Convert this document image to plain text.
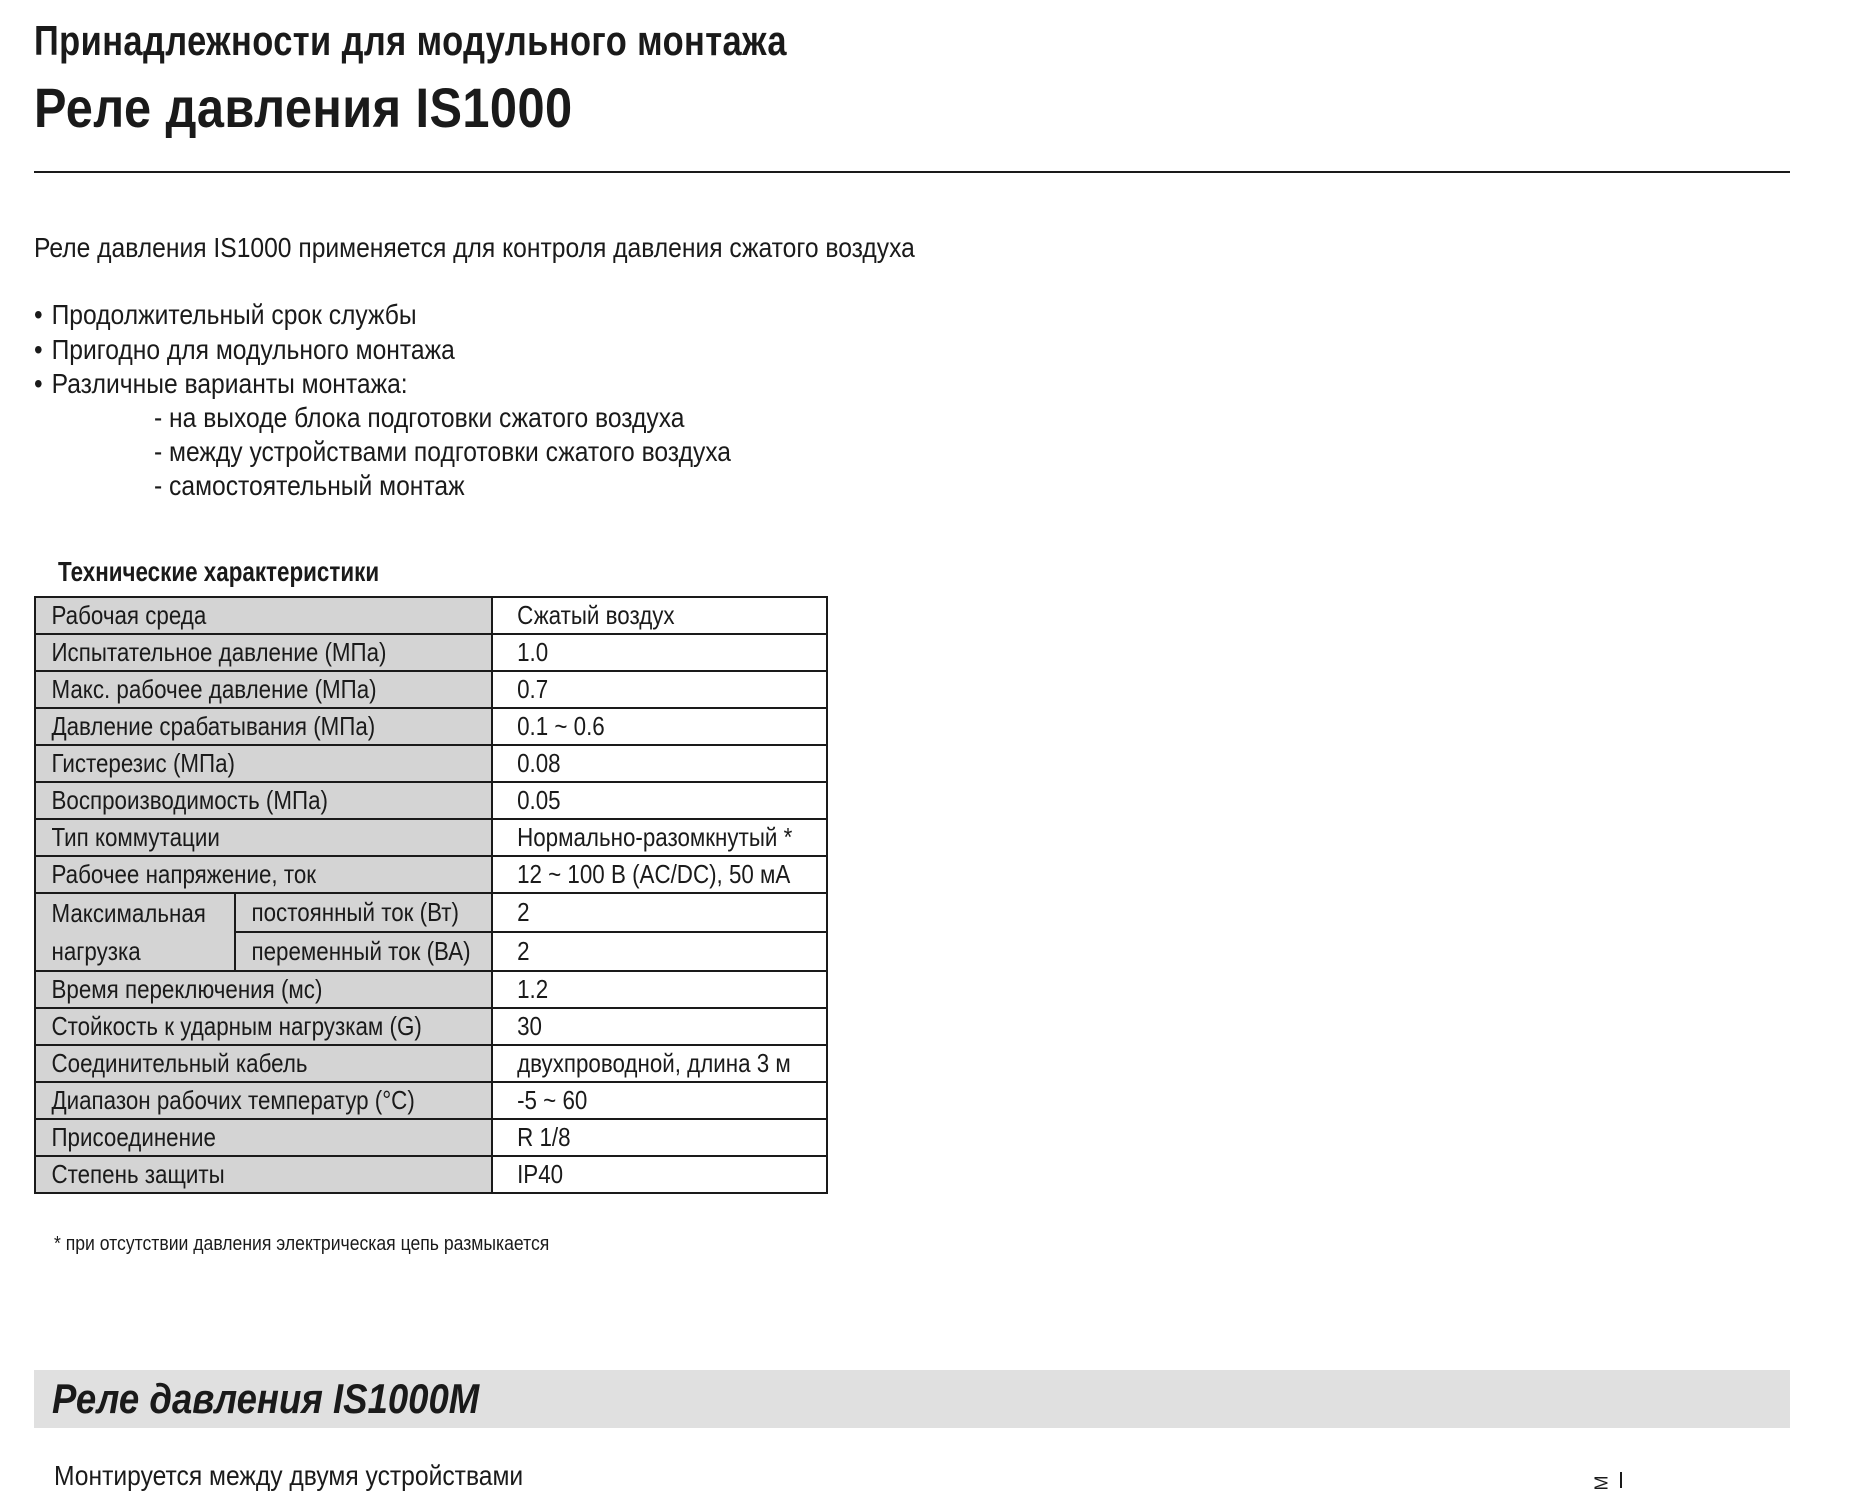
Принадлежности для модульного монтажа
Реле давления IS1000
Реле давления IS1000 применяется для контроля давления сжатого воздуха
• Продолжительный срок службы
• Пригодно для модульного монтажа
• Различные варианты монтажа:
- на выходе блока подготовки сжатого воздуха
- между устройствами подготовки сжатого воздуха
- самостоятельный монтаж
Технические характеристики
Рабочая среда		Сжатый воздух
Испытательное давление (МПа)		1.0
Макс. рабочее давление (МПа)		0.7
Давление срабатывания (МПа)		0.1 ~ 0.6
Гистерезис (МПа)		0.08
Воспроизводимость (МПа)		0.05
Тип коммутации		Нормально-разомкнутый *
Рабочее напряжение, ток		12 ~ 100 В (AC/DC), 50 мА
Максимальная нагрузка	постоянный ток (Вт)	2
	переменный ток (ВА)	2
Время переключения (мс)		1.2
Стойкость к ударным нагрузкам (G)		30
Соединительный кабель		двухпроводной, длина 3 м
Диапазон рабочих температур (°C)		-5 ~ 60
Присоединение		R 1/8
Степень защиты		IP40
* при отсутствии давления электрическая цепь размыкается
Реле давления IS1000M
Монтируется между двумя устройствами	M
